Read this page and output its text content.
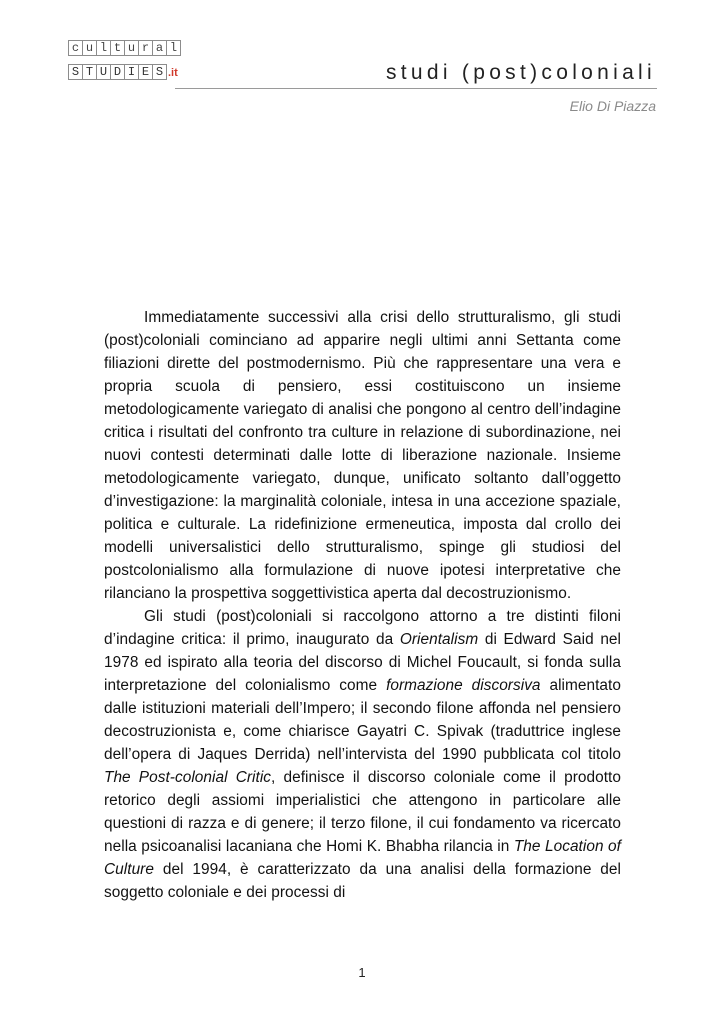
c u l t u r a l
S T U D I E S .it	studi (post)coloniali
Elio Di Piazza

Immediatamente successivi alla crisi dello strutturalismo, gli studi (post)coloniali cominciano ad apparire negli ultimi anni Settanta come filiazioni dirette del postmodernismo. Più che rappresentare una vera e propria scuola di pensiero, essi costituiscono un insieme metodologicamente variegato di analisi che pongono al centro dell’indagine critica i risultati del confronto tra culture in relazione di subordinazione, nei nuovi contesti determinati dalle lotte di liberazione nazionale. Insieme metodologicamente variegato, dunque, unificato soltanto dall’oggetto d’investigazione: la marginalità coloniale, intesa in una accezione spaziale, politica e culturale. La ridefinizione ermeneutica, imposta dal crollo dei modelli universalistici dello strutturalismo, spinge gli studiosi del postcolonialismo alla formulazione di nuove ipotesi interpretative che rilanciano la prospettiva soggettivistica aperta dal decostruzionismo.

Gli studi (post)coloniali si raccolgono attorno a tre distinti filoni d’indagine critica: il primo, inaugurato da Orientalism di Edward Said nel 1978 ed ispirato alla teoria del discorso di Michel Foucault, si fonda sulla interpretazione del colonialismo come formazione discorsiva alimentato dalle istituzioni materiali dell’Impero; il secondo filone affonda nel pensiero decostruzionista e, come chiarisce Gayatri C. Spivak (traduttrice inglese dell’opera di Jaques Derrida) nell’intervista del 1990 pubblicata col titolo The Post-colonial Critic, definisce il discorso coloniale come il prodotto retorico degli assiomi imperialistici che attengono in particolare alle questioni di razza e di genere; il terzo filone, il cui fondamento va ricercato nella psicoanalisi lacaniana che Homi K. Bhabha rilancia in The Location of Culture del 1994, è caratterizzato da una analisi della formazione del soggetto coloniale e dei processi di

1
